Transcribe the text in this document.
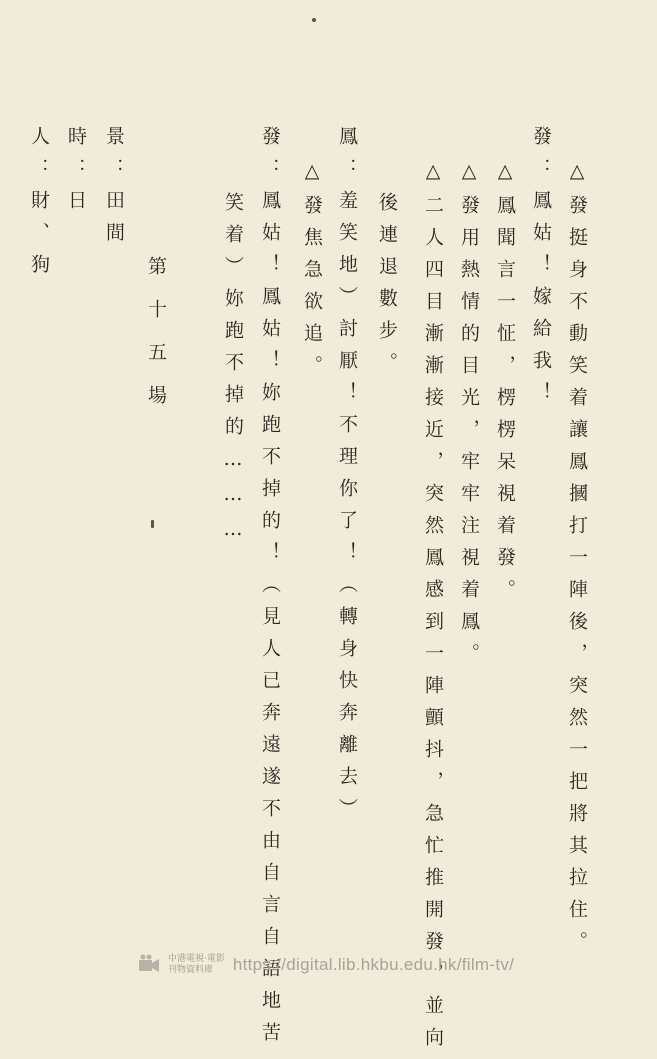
△發挺身不動笑着讓鳳摑打一陣後，突然一把將其拉住。
發：鳳姑！嫁給我！
△鳳聞言一怔，楞楞呆視着發。
△發用熱情的目光，牢牢注視着鳳。
△二人四目漸漸接近，突然鳳感到一陣顫抖，急忙推開發，並向
後連退數步。
鳳：羞笑地）討厭！不理你了！（轉身快奔離去）
△發焦急欲追。
發：鳳姑！鳳姑！妳跑不掉的！（見人已奔遠遂不由自言自語地苦
笑着）妳跑不掉的………
第十五場
景：田間
時：日
人：財、狗
中港電視‧電影
刊物資料庫	https://digital.lib.hkbu.edu.hk/film-tv/
